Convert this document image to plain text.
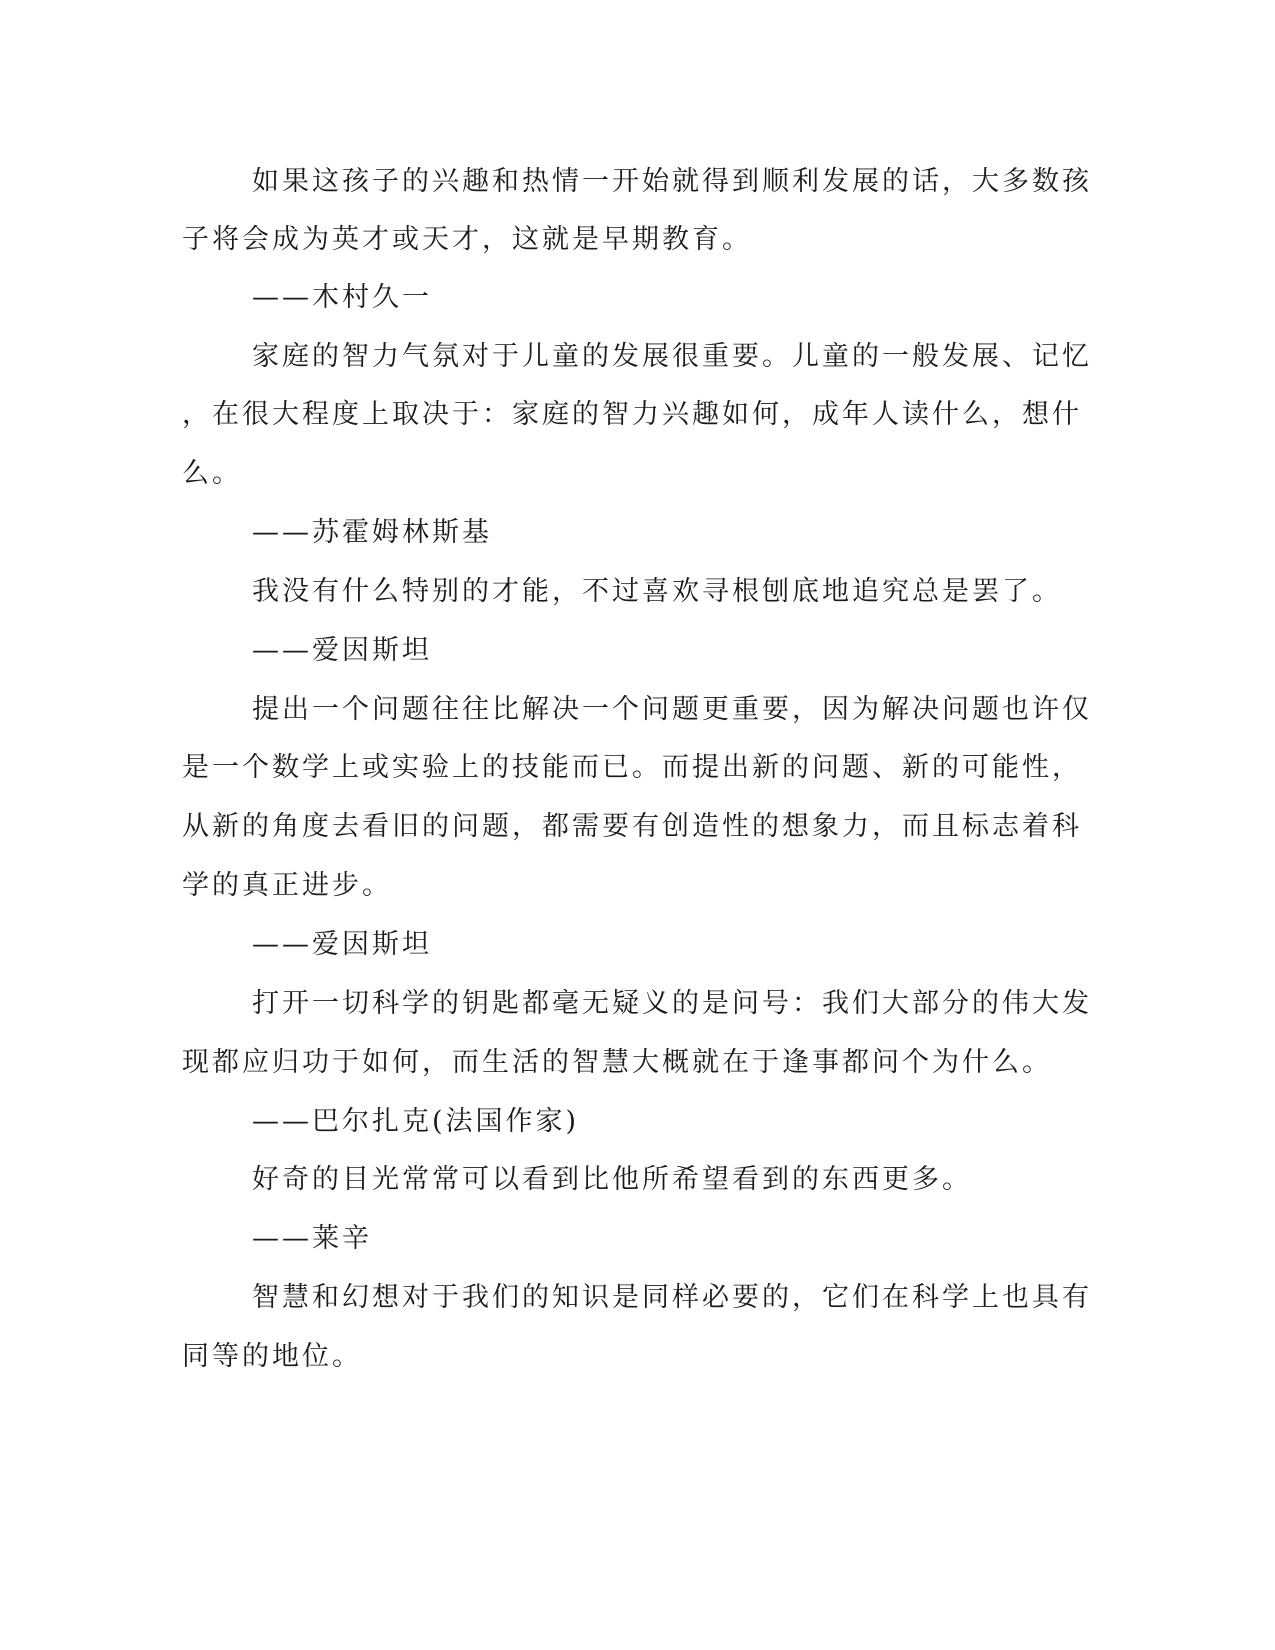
如果这孩子的兴趣和热情一开始就得到顺利发展的话，大多数孩
子将会成为英才或天才，这就是早期教育。
——木村久一
家庭的智力气氛对于儿童的发展很重要。儿童的一般发展、记忆
，在很大程度上取决于：家庭的智力兴趣如何，成年人读什么，想什
么。
——苏霍姆林斯基
我没有什么特别的才能，不过喜欢寻根刨底地追究总是罢了。
——爱因斯坦
提出一个问题往往比解决一个问题更重要，因为解决问题也许仅
是一个数学上或实验上的技能而已。而提出新的问题、新的可能性，
从新的角度去看旧的问题，都需要有创造性的想象力，而且标志着科
学的真正进步。
——爱因斯坦
打开一切科学的钥匙都毫无疑义的是问号：我们大部分的伟大发
现都应归功于如何，而生活的智慧大概就在于逢事都问个为什么。
——巴尔扎克(法国作家)
好奇的目光常常可以看到比他所希望看到的东西更多。
——莱辛
智慧和幻想对于我们的知识是同样必要的，它们在科学上也具有
同等的地位。
